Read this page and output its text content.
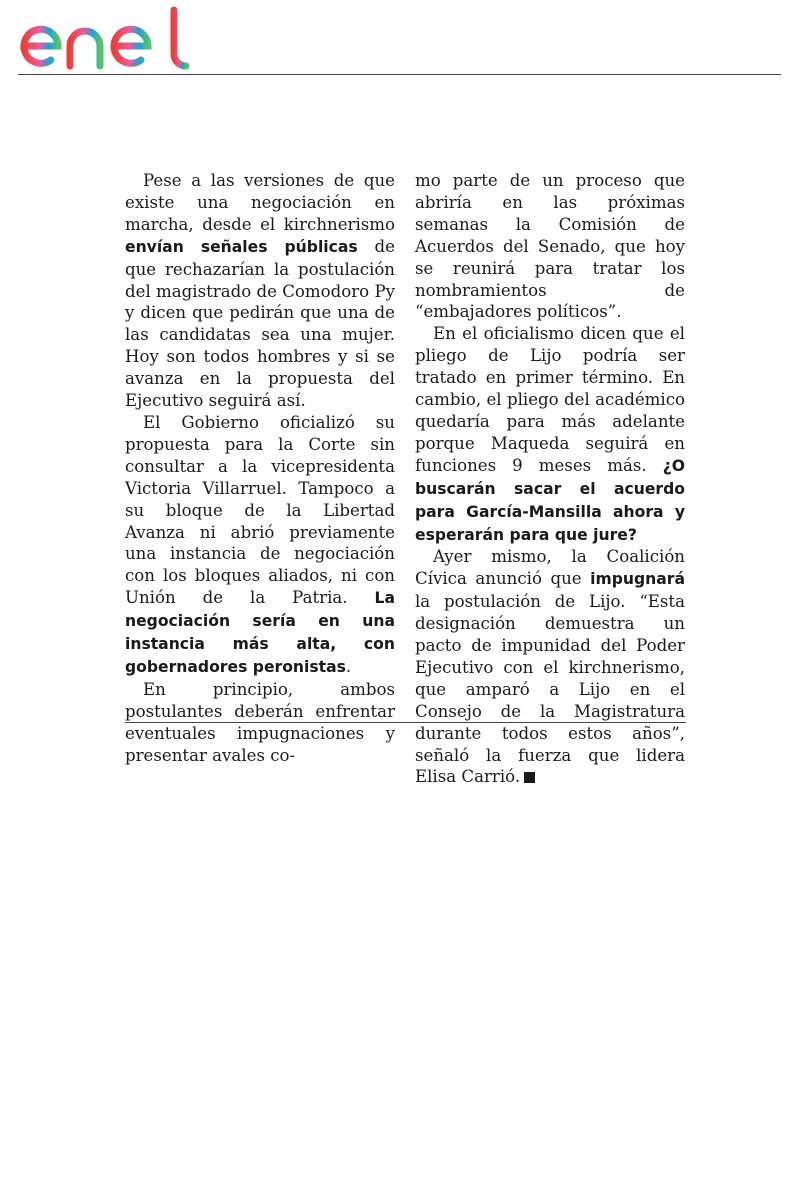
Pese a las versiones de que existe una negociación en marcha, desde el kirchnerismo envían señales públicas de que rechazarían la postulación del magistrado de Comodoro Py y dicen que pedirán que una de las candidatas sea una mujer. Hoy son todos hombres y si se avanza en la propuesta del Ejecutivo seguirá así.

El Gobierno oficializó su propuesta para la Corte sin consultar a la vicepresidenta Victoria Villarruel. Tampoco a su bloque de la Libertad Avanza ni abrió previamente una instancia de negociación con los bloques aliados, ni con Unión de la Patria. La negociación sería en una instancia más alta, con gobernadores peronistas.

En principio, ambos postulantes deberán enfrentar eventuales impugnaciones y presentar avales co-

mo parte de un proceso que abriría en las próximas semanas la Comisión de Acuerdos del Senado, que hoy se reunirá para tratar los nombramientos de “embajadores políticos”.

En el oficialismo dicen que el pliego de Lijo podría ser tratado en primer término. En cambio, el pliego del académico quedaría para más adelante porque Maqueda seguirá en funciones 9 meses más. ¿O buscarán sacar el acuerdo para García-Mansilla ahora y esperarán para que jure?

Ayer mismo, la Coalición Cívica anunció que impugnará la postulación de Lijo. “Esta designación demuestra un pacto de impunidad del Poder Ejecutivo con el kirchnerismo, que amparó a Lijo en el Consejo de la Magistratura durante todos estos años”, señaló la fuerza que lidera Elisa Carrió.
